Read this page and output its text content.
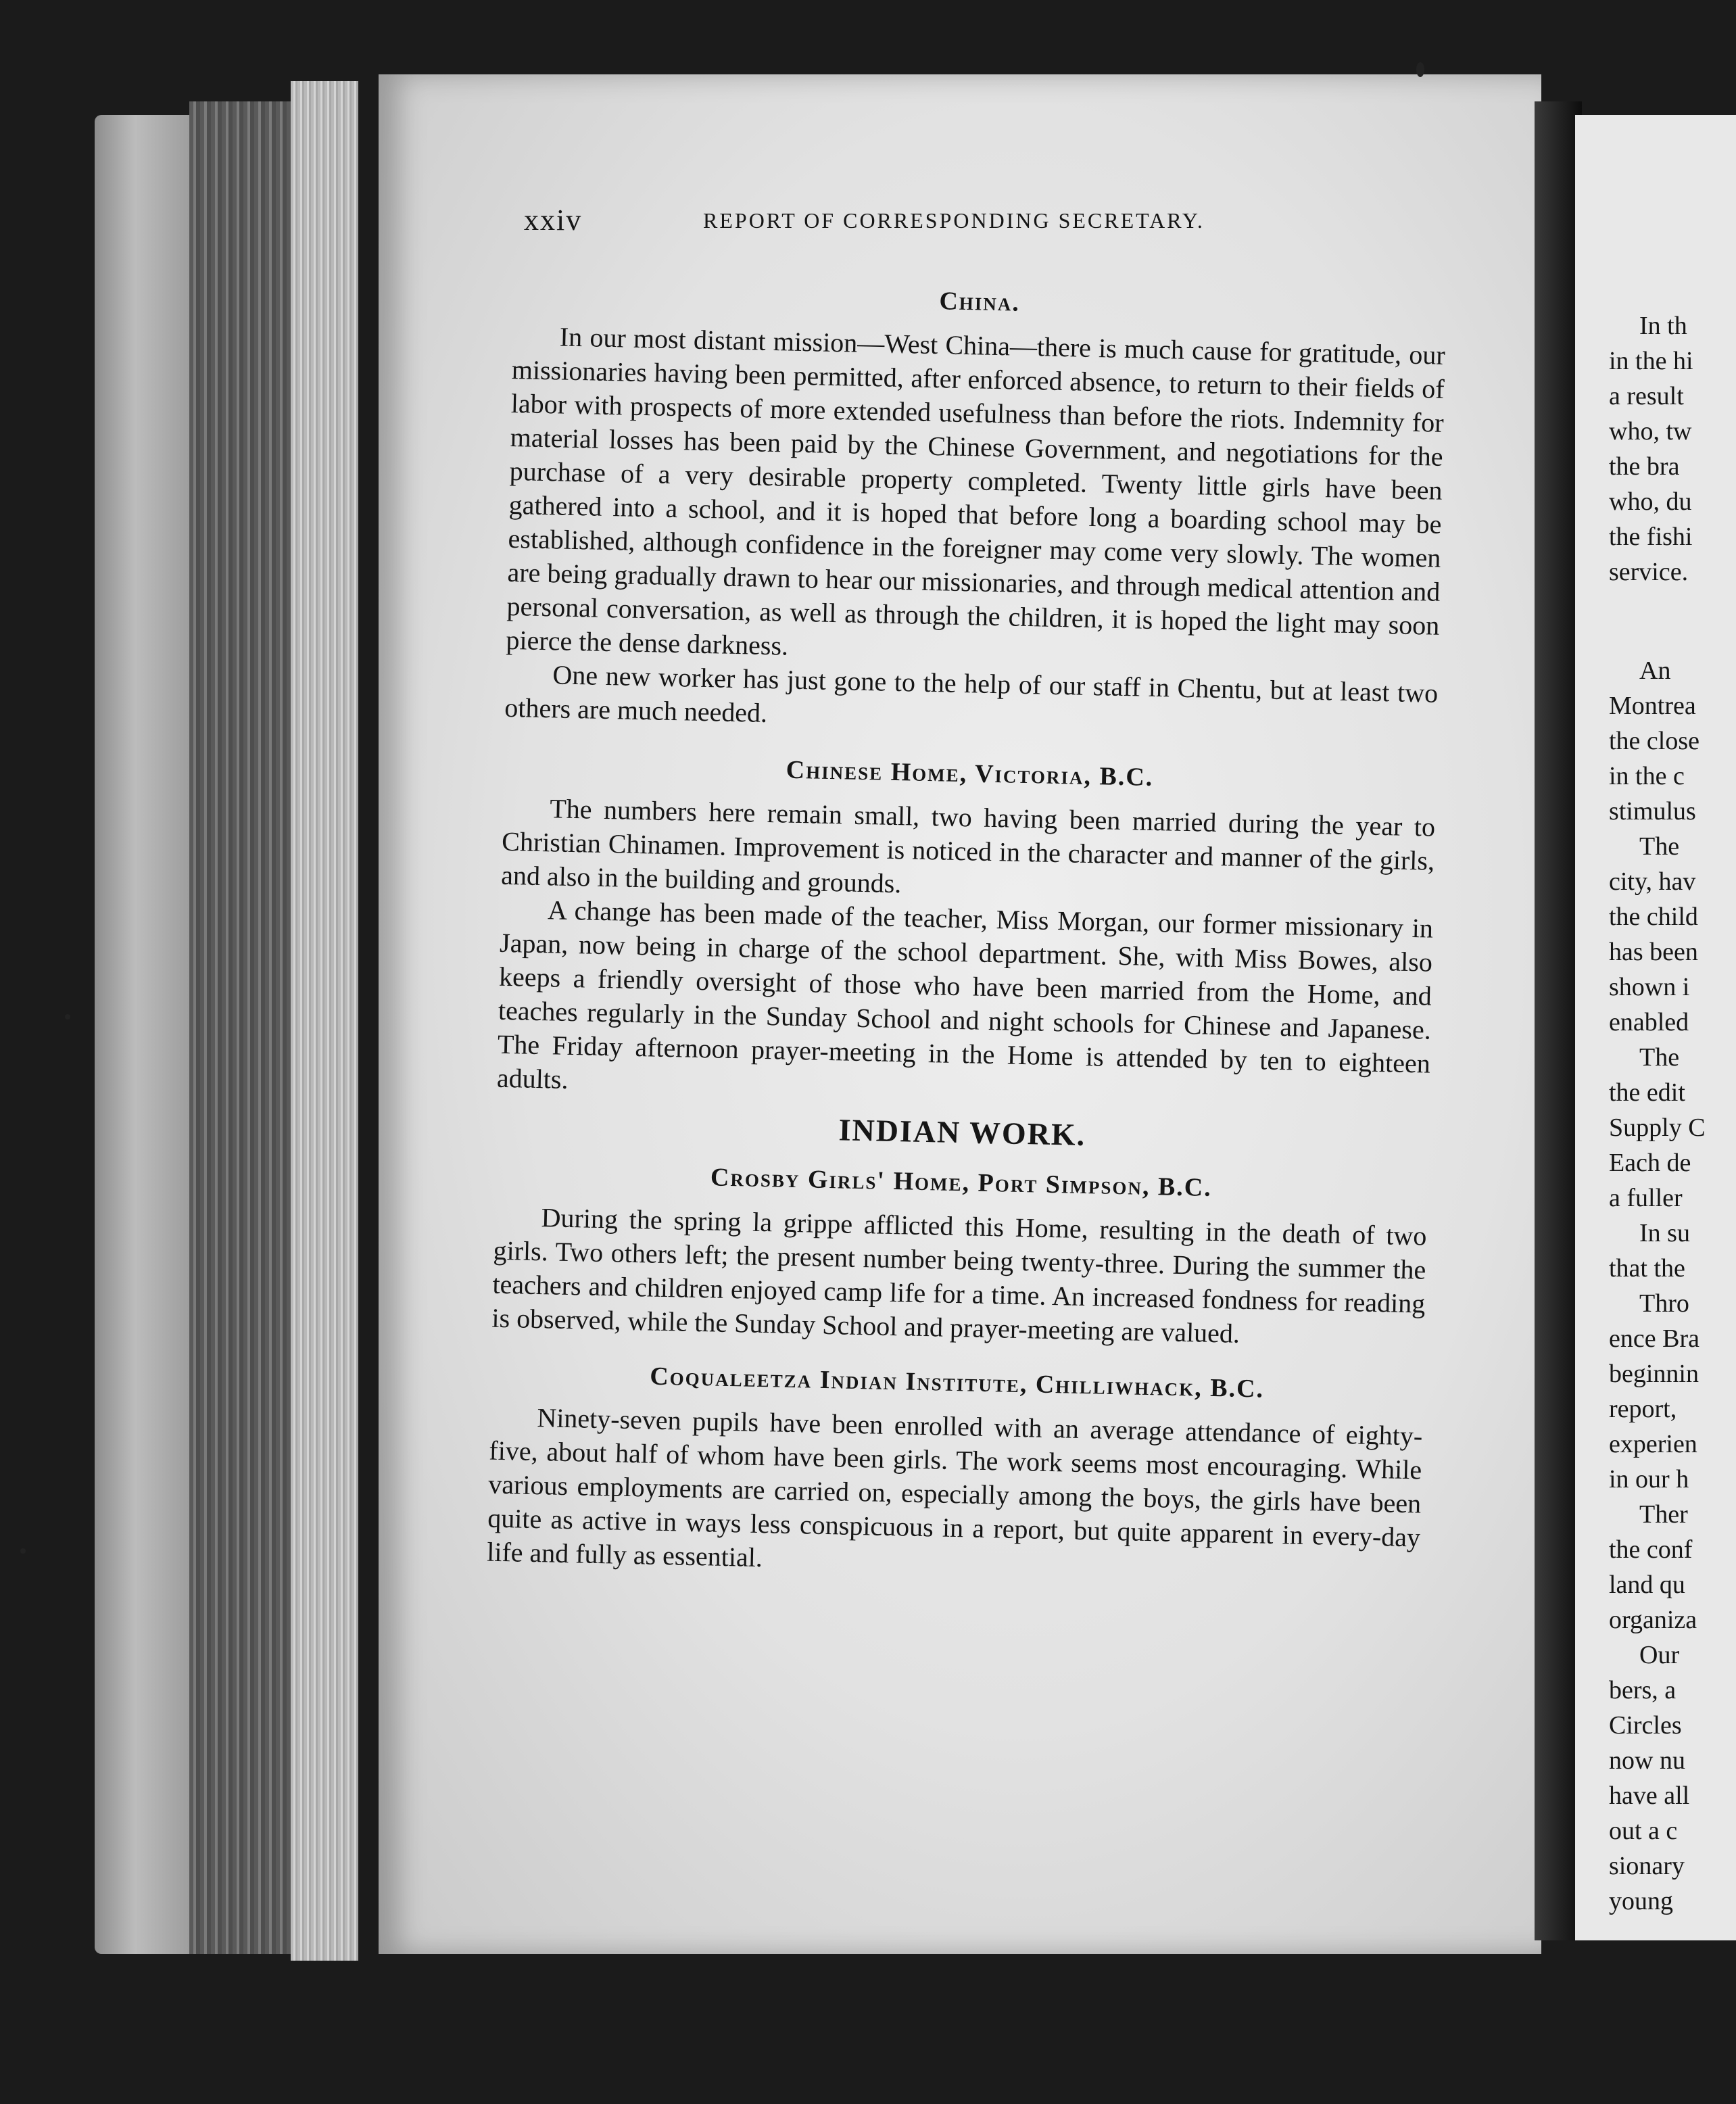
In th
in the hi
a result
who, tw
the bra
who, du
the fishi
service.
An
Montrea
the close
in the c
stimulus
The
city, hav
the child
has been
shown i
enabled
The
the edit
Supply C
Each de
a fuller
In su
that the
Thro
ence Bra
beginnin
report,
experien
in our h
Ther
the conf
land qu
organiza
Our
bers, a
Circles
now nu
have all
out a c
sionary
young
xxiv	REPORT OF CORRESPONDING SECRETARY.
China.

In our most distant mission—West China—there is much cause for gratitude, our missionaries having been permitted, after enforced absence, to return to their fields of labor with prospects of more extended usefulness than before the riots. Indemnity for material losses has been paid by the Chinese Government, and negotiations for the purchase of a very desirable property completed. Twenty little girls have been gathered into a school, and it is hoped that before long a boarding school may be established, although confidence in the foreigner may come very slowly. The women are being gradually drawn to hear our missionaries, and through medical attention and personal conversation, as well as through the children, it is hoped the light may soon pierce the dense darkness.

One new worker has just gone to the help of our staff in Chentu, but at least two others are much needed.

Chinese Home, Victoria, B.C.

The numbers here remain small, two having been married during the year to Christian Chinamen. Improvement is noticed in the character and manner of the girls, and also in the building and grounds.

A change has been made of the teacher, Miss Morgan, our former missionary in Japan, now being in charge of the school department. She, with Miss Bowes, also keeps a friendly oversight of those who have been married from the Home, and teaches regularly in the Sunday School and night schools for Chinese and Japanese. The Friday afternoon prayer-meeting in the Home is attended by ten to eighteen adults.

INDIAN WORK.
Crosby Girls' Home, Port Simpson, B.C.

During the spring la grippe afflicted this Home, resulting in the death of two girls. Two others left; the present number being twenty-three. During the summer the teachers and children enjoyed camp life for a time. An increased fondness for reading is observed, while the Sunday School and prayer-meeting are valued.

Coqualeetza Indian Institute, Chilliwhack, B.C.

Ninety-seven pupils have been enrolled with an average attendance of eighty-five, about half of whom have been girls. The work seems most encouraging. While various employments are carried on, especially among the boys, the girls have been quite as active in ways less conspicuous in a report, but quite apparent in every-day life and fully as essential.
